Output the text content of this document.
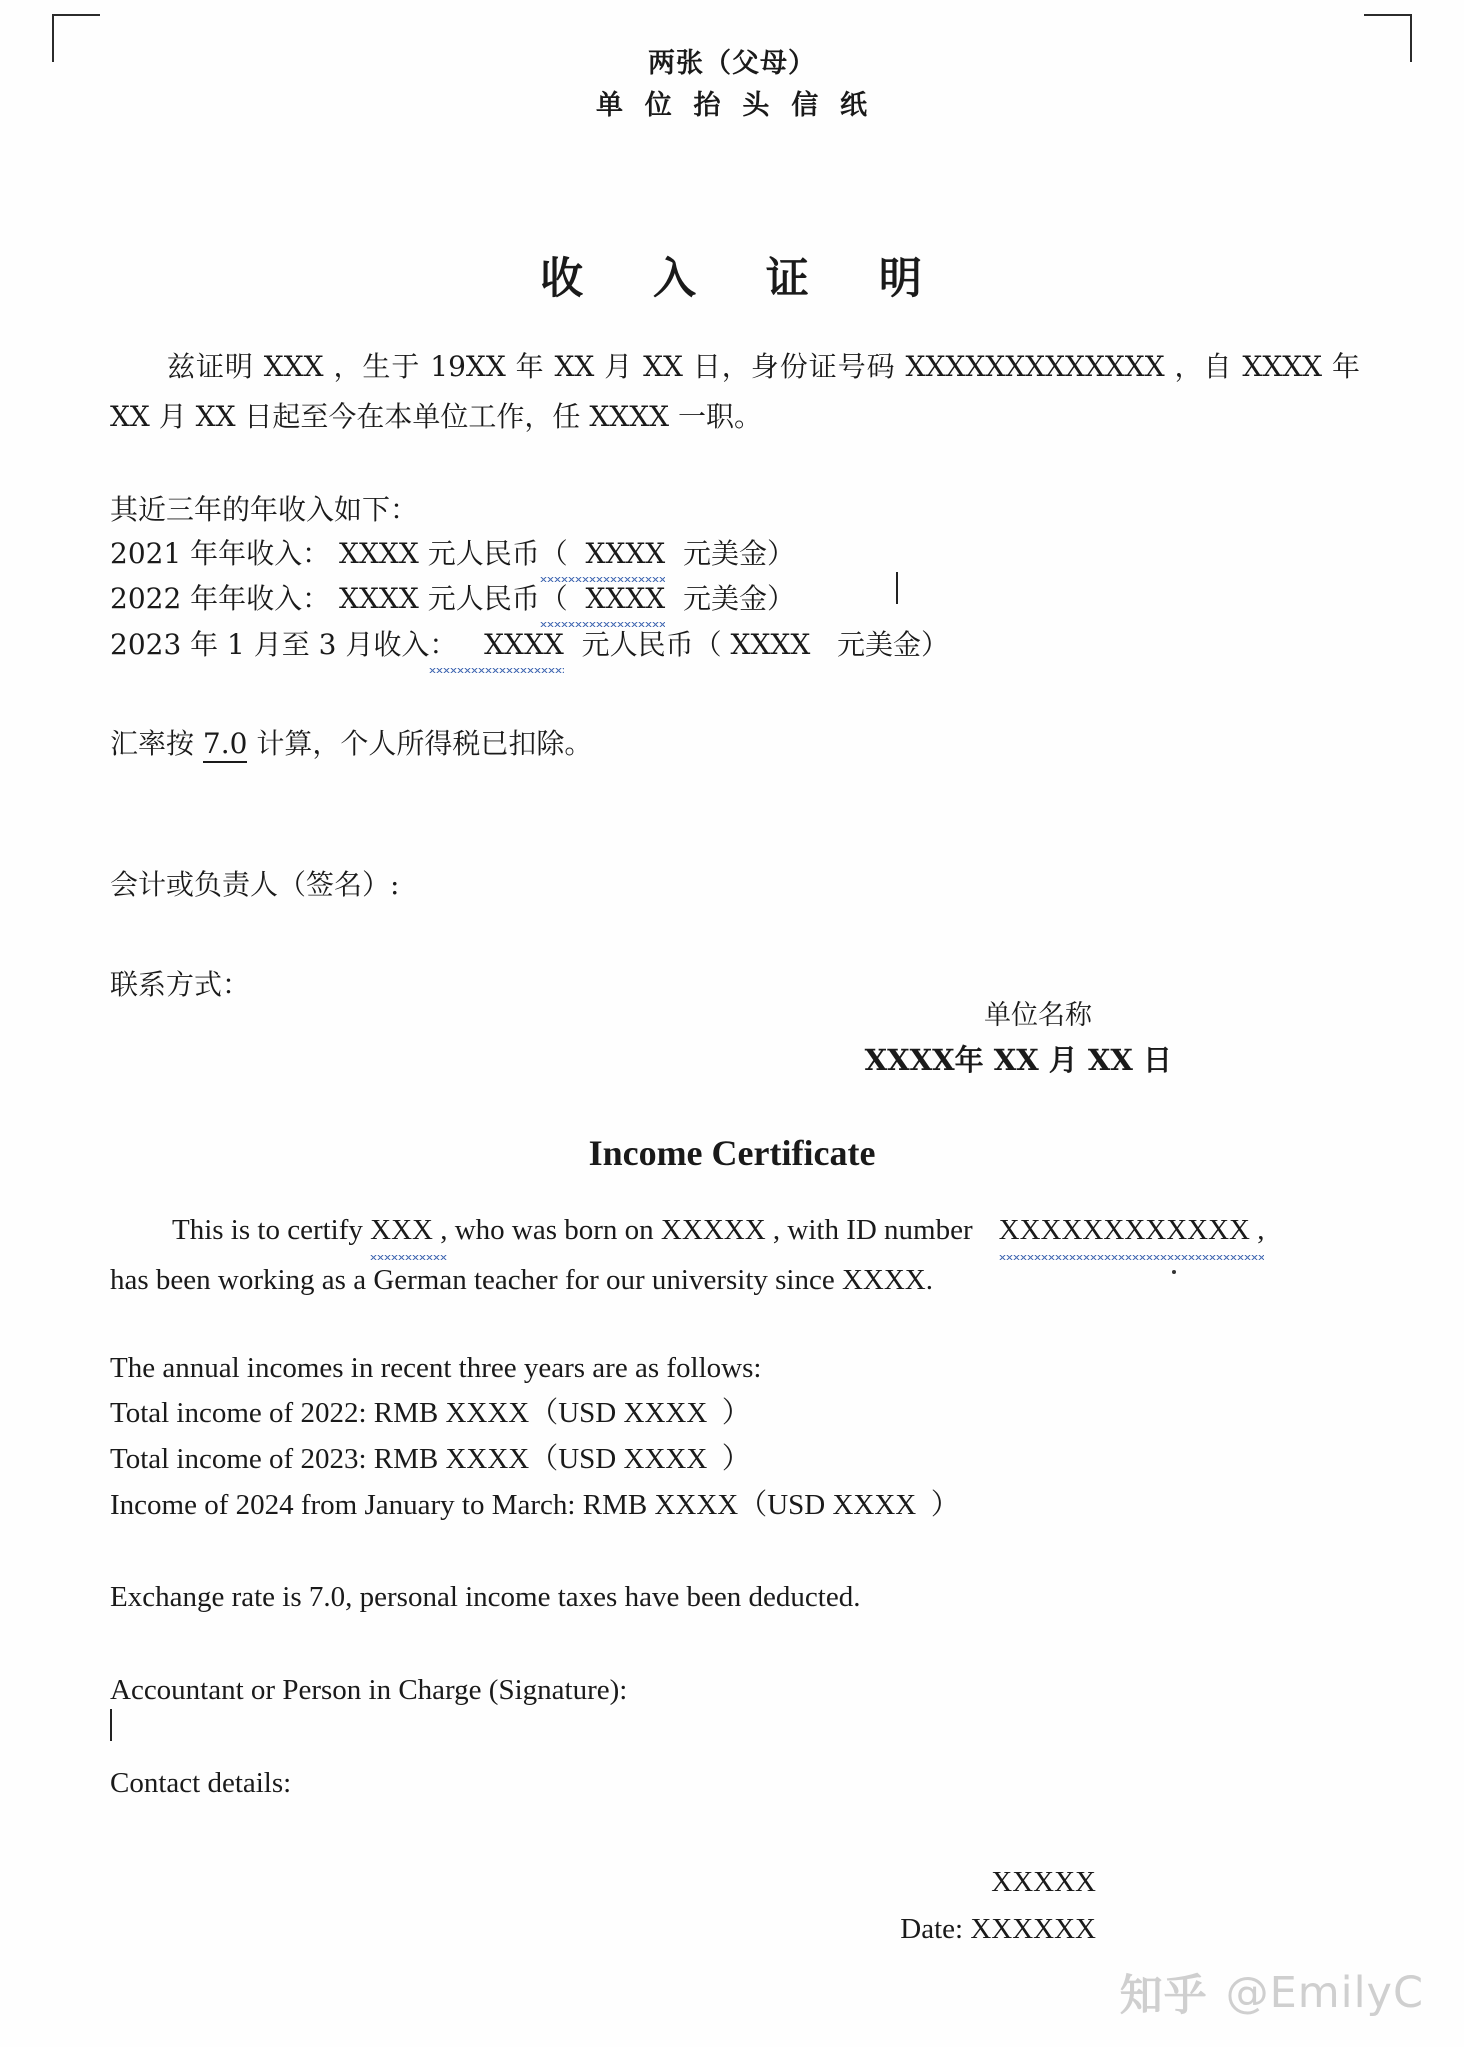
两张（父母）
单  位  抬  头  信  纸
收    入    证    明
兹证明 XXX ，生于 19XX 年 XX 月 XX 日，身份证号码 XXXXXXXXXXXXX ，自 XXXX 年 XX 月 XX 日起至今在本单位工作，任 XXXX 一职。
其近三年的年收入如下：
2021 年年收入： XXXX 元人民币（  XXXX  元美金）
2022 年年收入： XXXX 元人民币（  XXXX  元美金）
2023 年 1 月至 3 月收入：   XXXX  元人民币（ XXXX   元美金）
汇率按 7.0 计算，个人所得税已扣除。
会计或负责人（签名）:
联系方式：
单位名称
XXXX年 XX 月 XX 日
Income Certificate
This is to certify XXX , who was born on XXXXX , with ID number XXXXXXXXXXXX ,
has been working as a German teacher for our university since XXXX.
The annual incomes in recent three years are as follows:
Total income of 2022: RMB XXXX（USD XXXX  ）
Total income of 2023: RMB XXXX（USD XXXX  ）
Income of 2024 from January to March: RMB XXXX（USD XXXX  ）
Exchange rate is 7.0, personal income taxes have been deducted.
Accountant or Person in Charge (Signature):
Contact details:
XXXXX
Date: XXXXXX
知乎 @EmilyC
